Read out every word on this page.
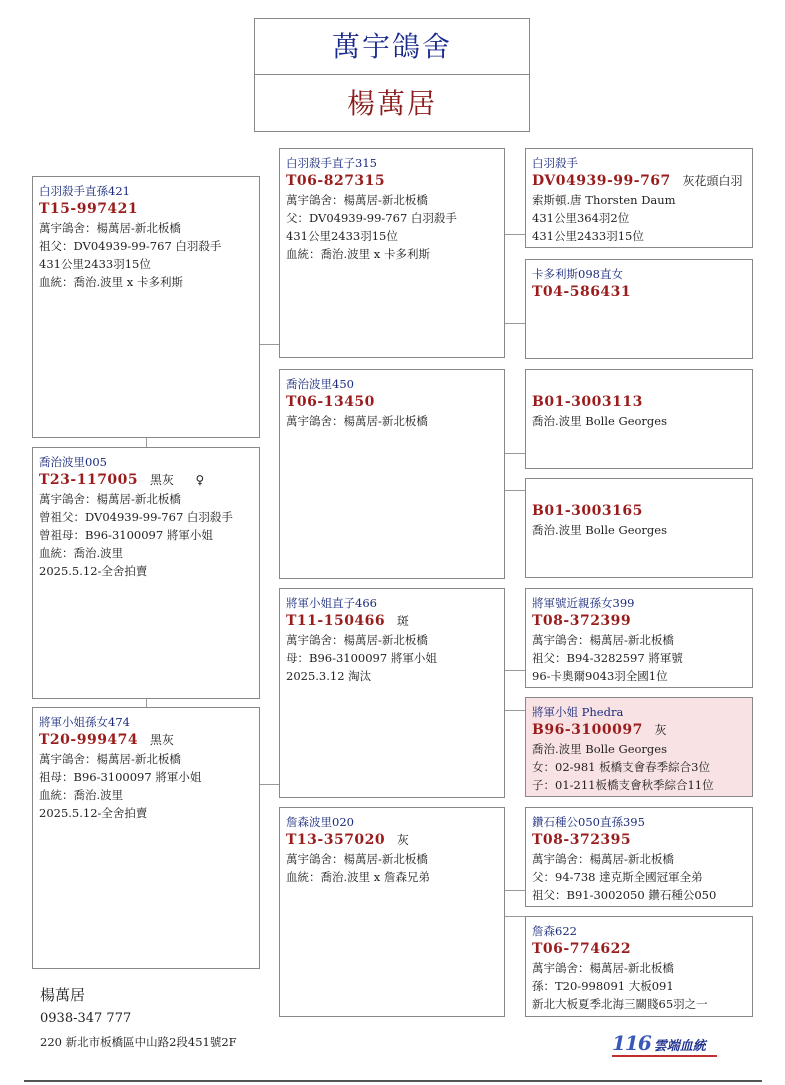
萬宇鴿舍
楊萬居
白羽殺手直孫421
T15-997421
萬宇鴿舍：楊萬居-新北板橋
祖父：DV04939-99-767 白羽殺手
431公里2433羽15位
血統：喬治.波里 x 卡多利斯
喬治波里005
T23-117005 黑灰 ♀
萬宇鴿舍：楊萬居-新北板橋
曾祖父：DV04939-99-767 白羽殺手
曾祖母：B96-3100097 將軍小姐
血統：喬治.波里
2025.5.12-全舍拍賣
將軍小姐孫女474
T20-999474 黑灰
萬宇鴿舍：楊萬居-新北板橋
祖母：B96-3100097 將軍小姐
血統：喬治.波里
2025.5.12-全舍拍賣
白羽殺手直子315
T06-827315
萬宇鴿舍：楊萬居-新北板橋
父：DV04939-99-767 白羽殺手
431公里2433羽15位
血統：喬治.波里 x 卡多利斯
喬治波里450
T06-13450
萬宇鴿舍：楊萬居-新北板橋
將軍小姐直子466
T11-150466 斑
萬宇鴿舍：楊萬居-新北板橋
母：B96-3100097 將軍小姐
2025.3.12 淘汰
詹森波里020
T13-357020 灰
萬宇鴿舍：楊萬居-新北板橋
血統：喬治.波里 x 詹森兄弟
白羽殺手
DV04939-99-767 灰花頭白羽
索斯頓.唐 Thorsten Daum
431公里364羽2位
431公里2433羽15位
卡多利斯098直女
T04-586431
B01-3003113
喬治.波里 Bolle Georges
B01-3003165
喬治.波里 Bolle Georges
將軍號近親孫女399
T08-372399
萬宇鴿舍：楊萬居-新北板橋
祖父：B94-3282597 將軍號
96-卡奧爾9043羽全國1位
將軍小姐 Phedra
B96-3100097 灰
喬治.波里 Bolle Georges
女：02-981 板橋支會春季綜合3位
子：01-211板橋支會秋季綜合11位
鑽石種公050直孫395
T08-372395
萬宇鴿舍：楊萬居-新北板橋
父：94-738 達克斯全國冠軍全弟
祖父：B91-3002050 鑽石種公050
詹森622
T06-774622
萬宇鴿舍：楊萬居-新北板橋
孫：T20-998091 大板091
新北大板夏季北海三關賤65羽之一
楊萬居
0938-347 777
220 新北市板橋區中山路2段451號2F	116 雲端血統
